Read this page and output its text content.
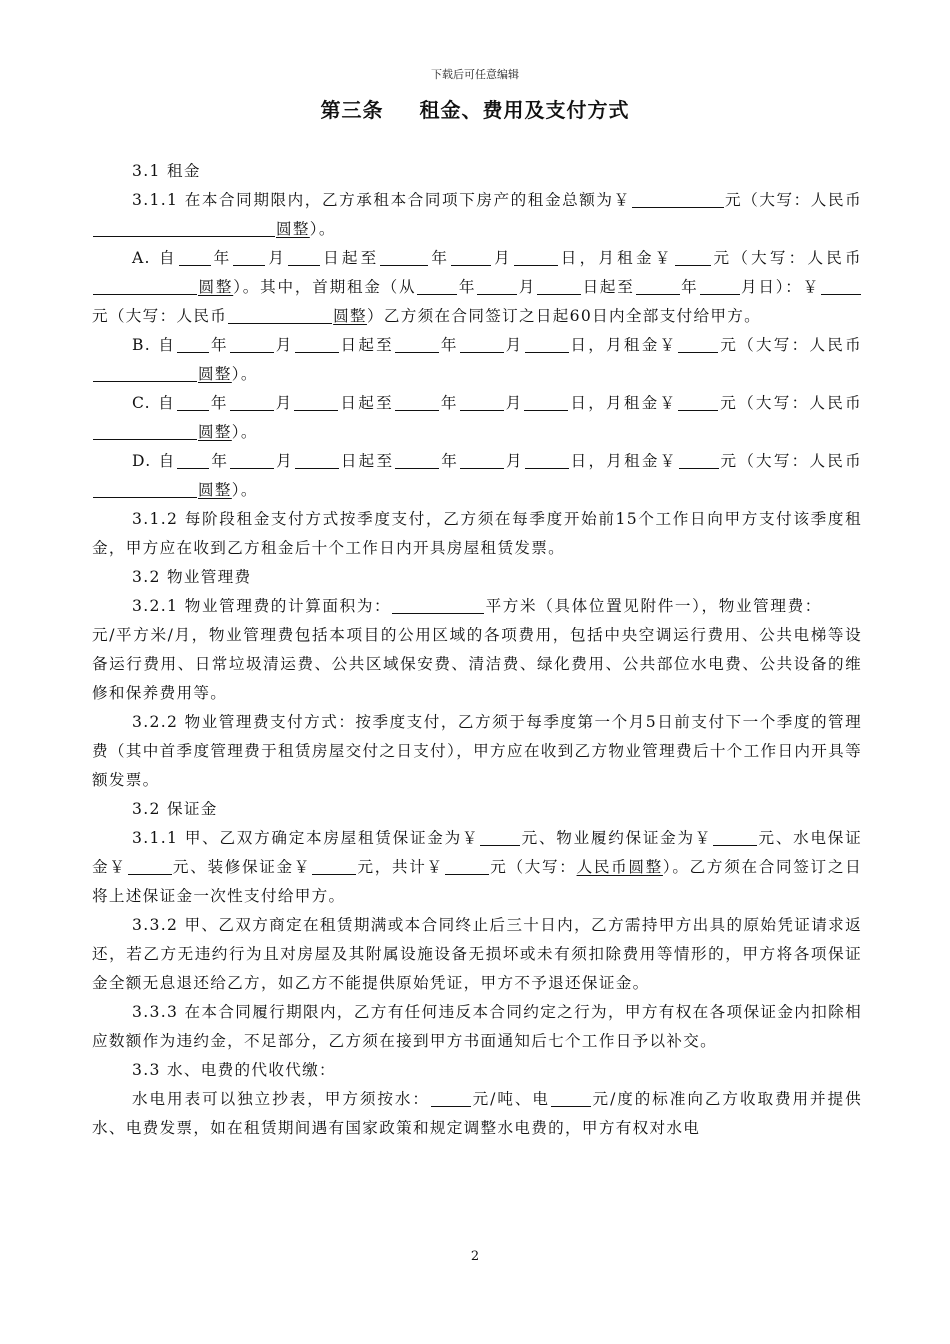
下载后可任意编辑
第三条 租金、费用及支付方式

3.1 租金

3.1.1 在本合同期限内，乙方承租本合同项下房产的租金总额为￥	元（大写：人民币圆整）。

A. 自 年 月 日起至	年	月	日，月租金￥ 元（大写：人民币圆整）。其中，首期租金（从	年	月	日起至	年	月日）：￥元（大写：人民币	圆整）乙方须在合同签订之日起60日内全部支付给甲方。

B. 自 年	月	日起至	年	月	日，月租金￥	元（大写：人民币圆整）。

C. 自 年	月	日起至	年	月	日，月租金￥	元（大写：人民币圆整）。

D. 自 年	月	日起至	年	月	日，月租金￥	元（大写：人民币圆整）。

3.1.2 每阶段租金支付方式按季度支付，乙方须在每季度开始前15个工作日向甲方支付该季度租金，甲方应在收到乙方租金后十个工作日内开具房屋租赁发票。

3.2 物业管理费

3.2.1 物业管理费的计算面积为：	平方米（具体位置见附件一），物业管理费：元/平方米/月，物业管理费包括本项目的公用区域的各项费用，包括中央空调运行费用、公共电梯等设备运行费用、日常垃圾清运费、公共区域保安费、清洁费、绿化费用、公共部位水电费、公共设备的维修和保养费用等。

3.2.2 物业管理费支付方式：按季度支付，乙方须于每季度第一个月5日前支付下一个季度的管理费（其中首季度管理费于租赁房屋交付之日支付），甲方应在收到乙方物业管理费后十个工作日内开具等额发票。

3.2 保证金

3.1.1 甲、乙双方确定本房屋租赁保证金为￥	元、物业履约保证金为￥	元、水电保证金￥	元、装修保证金￥	元，共计￥	元（大写：人民币圆整）。乙方须在合同签订之日将上述保证金一次性支付给甲方。

3.3.2 甲、乙双方商定在租赁期满或本合同终止后三十日内，乙方需持甲方出具的原始凭证请求返还，若乙方无违约行为且对房屋及其附属设施设备无损坏或未有须扣除费用等情形的，甲方将各项保证金全额无息退还给乙方，如乙方不能提供原始凭证，甲方不予退还保证金。

3.3.3 在本合同履行期限内，乙方有任何违反本合同约定之行为，甲方有权在各项保证金内扣除相应数额作为违约金，不足部分，乙方须在接到甲方书面通知后七个工作日予以补交。

3.3 水、电费的代收代缴：

水电用表可以独立抄表，甲方须按水：	元/吨、电	元/度的标准向乙方收取费用并提供水、电费发票，如在租赁期间遇有国家政策和规定调整水电费的，甲方有权对水电

2
